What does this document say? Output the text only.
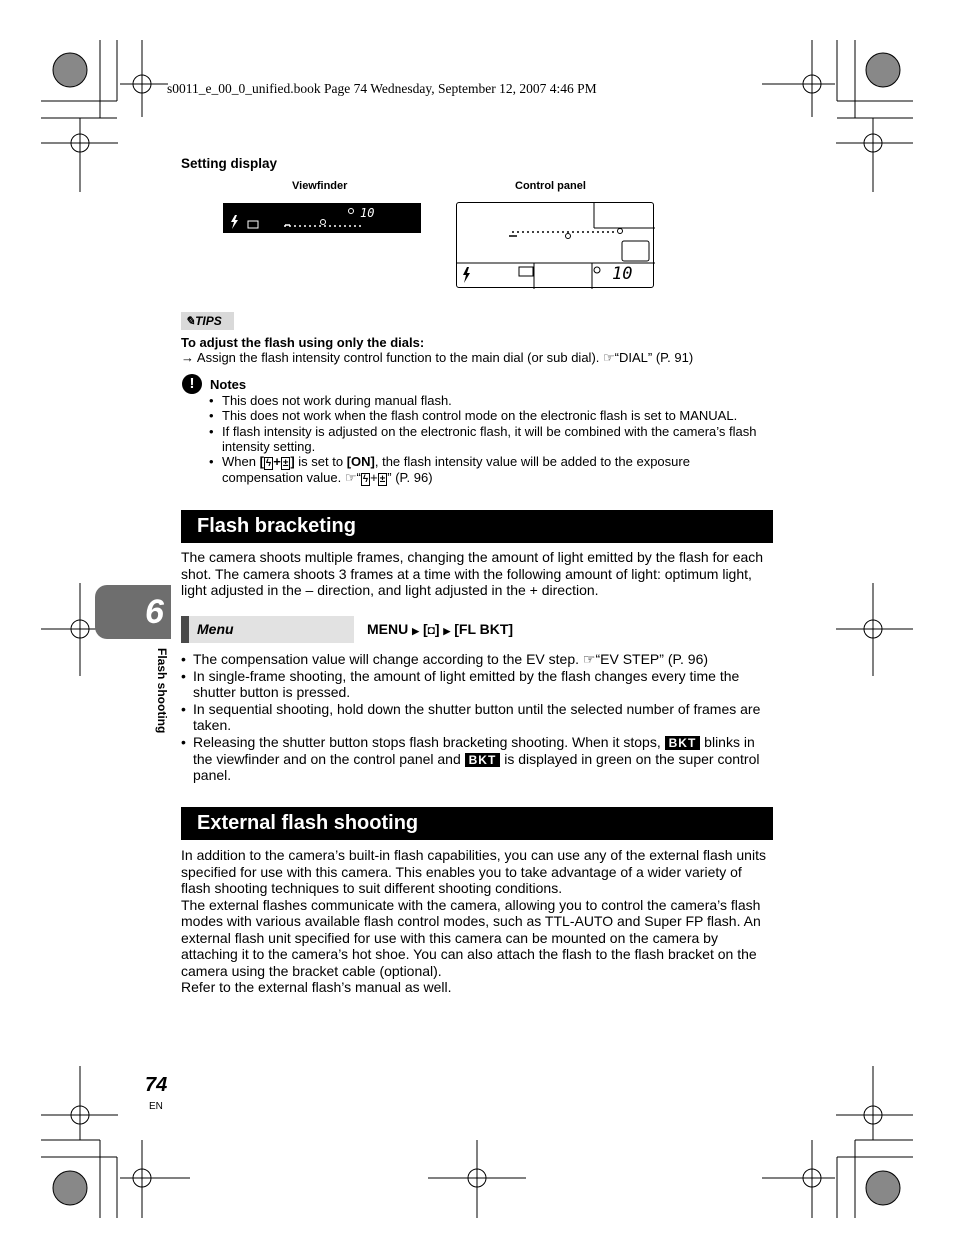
s0011_e_00_0_unified.book Page 74 Wednesday, September 12, 2007 4:46 PM
Setting display
Viewfinder	Control panel
10
10
✎TIPS
To adjust the flash using only the dials:
→ Assign the flash intensity control function to the main dial (or sub dial). ☞“DIAL” (P. 91)
!	Notes
• This does not work during manual flash.
• This does not work when the flash control mode on the electronic flash is set to MANUAL.
• If flash intensity is adjusted on the electronic flash, it will be combined with the camera’s flash intensity setting.
• When [ ϟ + ± ] is set to [ON], the flash intensity value will be added to the exposure compensation value. ☞“ ϟ + ± ” (P. 96)
Flash bracketing
The camera shoots multiple frames, changing the amount of light emitted by the flash for each shot. The camera shoots 3 frames at a time with the following amount of light: optimum light, light adjusted in the – direction, and light adjusted in the + direction.
Menu	MENU ▶ [◘] ▶ [FL BKT]
• The compensation value will change according to the EV step. ☞“EV STEP” (P. 96)
• In single-frame shooting, the amount of light emitted by the flash changes every time the shutter button is pressed.
• In sequential shooting, hold down the shutter button until the selected number of frames are taken.
• Releasing the shutter button stops flash bracketing shooting. When it stops, BKT blinks in the viewfinder and on the control panel and BKT is displayed in green on the super control panel.
External flash shooting
In addition to the camera’s built-in flash capabilities, you can use any of the external flash units specified for use with this camera. This enables you to take advantage of a wider variety of flash shooting techniques to suit different shooting conditions.
The external flashes communicate with the camera, allowing you to control the camera’s flash modes with various available flash control modes, such as TTL-AUTO and Super FP flash. An external flash unit specified for use with this camera can be mounted on the camera by attaching it to the camera’s hot shoe. You can also attach the flash to the flash bracket on the camera using the bracket cable (optional).
Refer to the external flash’s manual as well.
6
Flash shooting
74
EN
